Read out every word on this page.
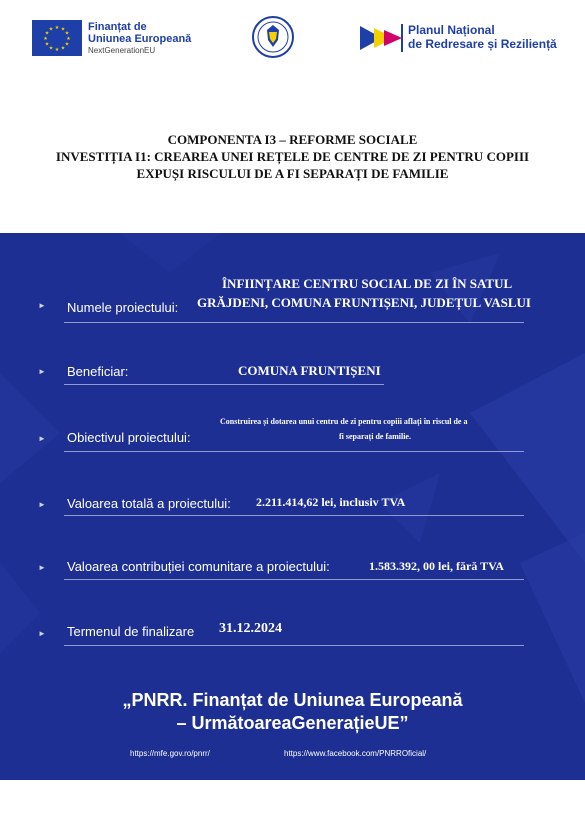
★ ★
★
★
★
★
★
★
★
★
★
★	Finanțat de
Uniunea Europeană
NextGenerationEU
Planul Național
de Redresare și Reziliență
COMPONENTA I3 – REFORME SOCIALE
INVESTIȚIA I1: CREAREA UNEI REȚELE DE CENTRE DE ZI PENTRU COPIII
EXPUȘI RISCULUI DE A FI SEPARAȚI DE FAMILIE
► Numele proiectului:
ÎNFIINȚARE CENTRU SOCIAL DE ZI ÎN SATUL
GRĂJDENI, COMUNA FRUNTIȘENI, JUDEȚUL VASLUI
► Beneficiar:	COMUNA FRUNTIȘENI
► Obiectivul proiectului:
Construirea și dotarea unui centru de zi pentru copiii aflați în riscul de a
fi separați de familie.
► Valoarea totală a proiectului: 2.211.414,62 lei, inclusiv TVA
► Valoarea contribuției comunitare a proiectului:	1.583.392, 00 lei, fără TVA
► Termenul de finalizare 31.12.2024
„PNRR. Finanțat de Uniunea Europeană
– UrmătoareaGenerațieUE”
https://mfe.gov.ro/pnrr/	https://www.facebook.com/PNRROficial/
